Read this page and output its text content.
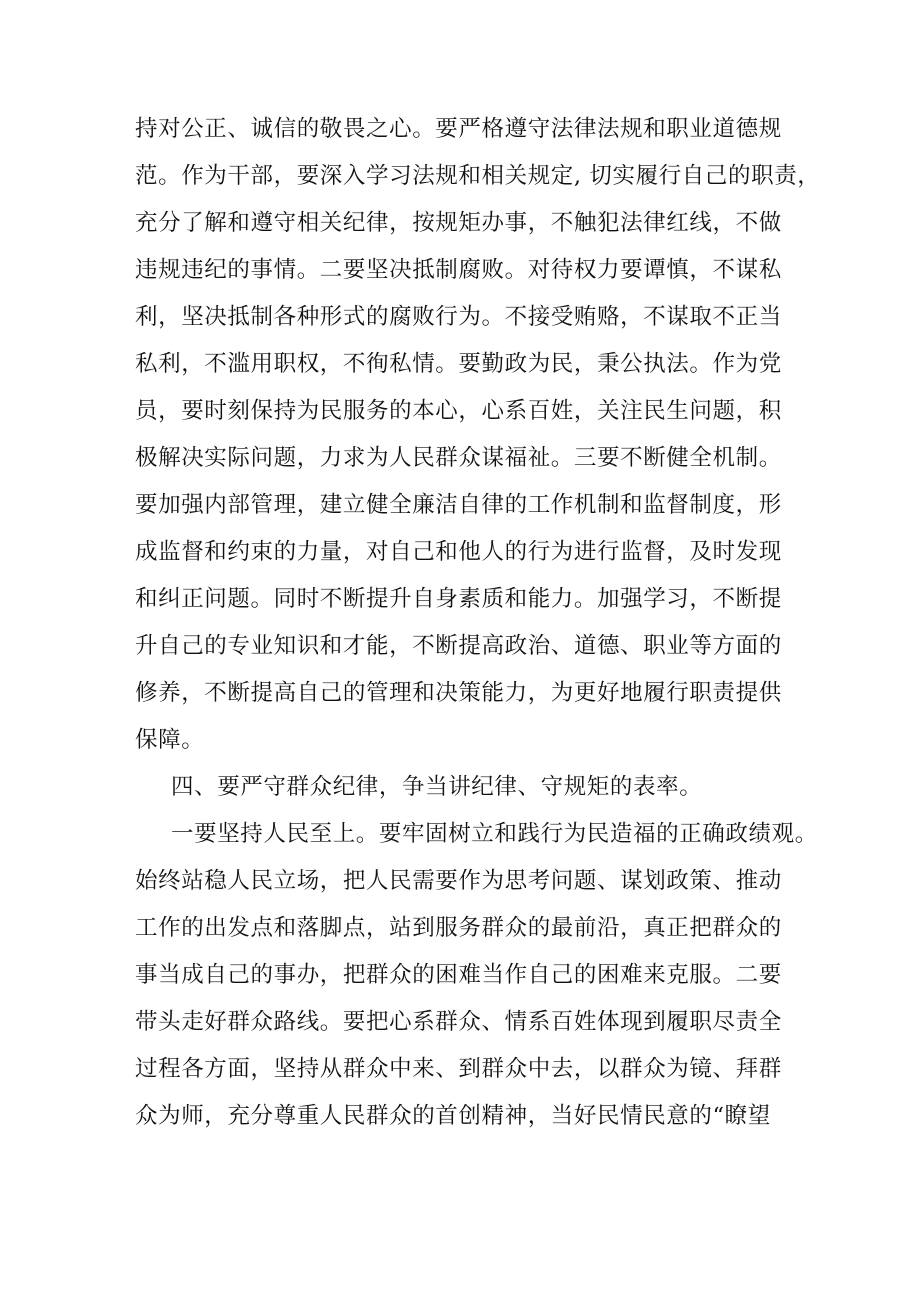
持对公正、诚信的敬畏之心。要严格遵守法律法规和职业道德规
范。作为干部，要深入学习法规和相关规定, 切实履行自己的职责，
充分了解和遵守相关纪律，按规矩办事，不触犯法律红线，不做
违规违纪的事情。二要坚决抵制腐败。对待权力要谭慎，不谋私
利，坚决抵制各种形式的腐败行为。不接受贿赂，不谋取不正当
私利，不滥用职权，不徇私情。要勤政为民，秉公执法。作为党
员，要时刻保持为民服务的本心，心系百姓，关注民生问题，积
极解决实际问题，力求为人民群众谋福祉。三要不断健全机制。
要加强内部管理，建立健全廉洁自律的工作机制和监督制度，形
成监督和约束的力量，对自己和他人的行为进行监督，及时发现
和纠正问题。同时不断提升自身素质和能力。加强学习，不断提
升自己的专业知识和才能，不断提高政治、道德、职业等方面的
修养，不断提高自己的管理和决策能力，为更好地履行职责提供
保障。
四、要严守群众纪律，争当讲纪律、守规矩的表率。
一要坚持人民至上。要牢固树立和践行为民造福的正确政绩观。
始终站稳人民立场，把人民需要作为思考问题、谋划政策、推动
工作的出发点和落脚点，站到服务群众的最前沿，真正把群众的
事当成自己的事办，把群众的困难当作自己的困难来克服。二要
带头走好群众路线。要把心系群众、情系百姓体现到履职尽责全
过程各方面，坚持从群众中来、到群众中去，以群众为镜、拜群
众为师，充分尊重人民群众的首创精神，当好民情民意的“瞭望
